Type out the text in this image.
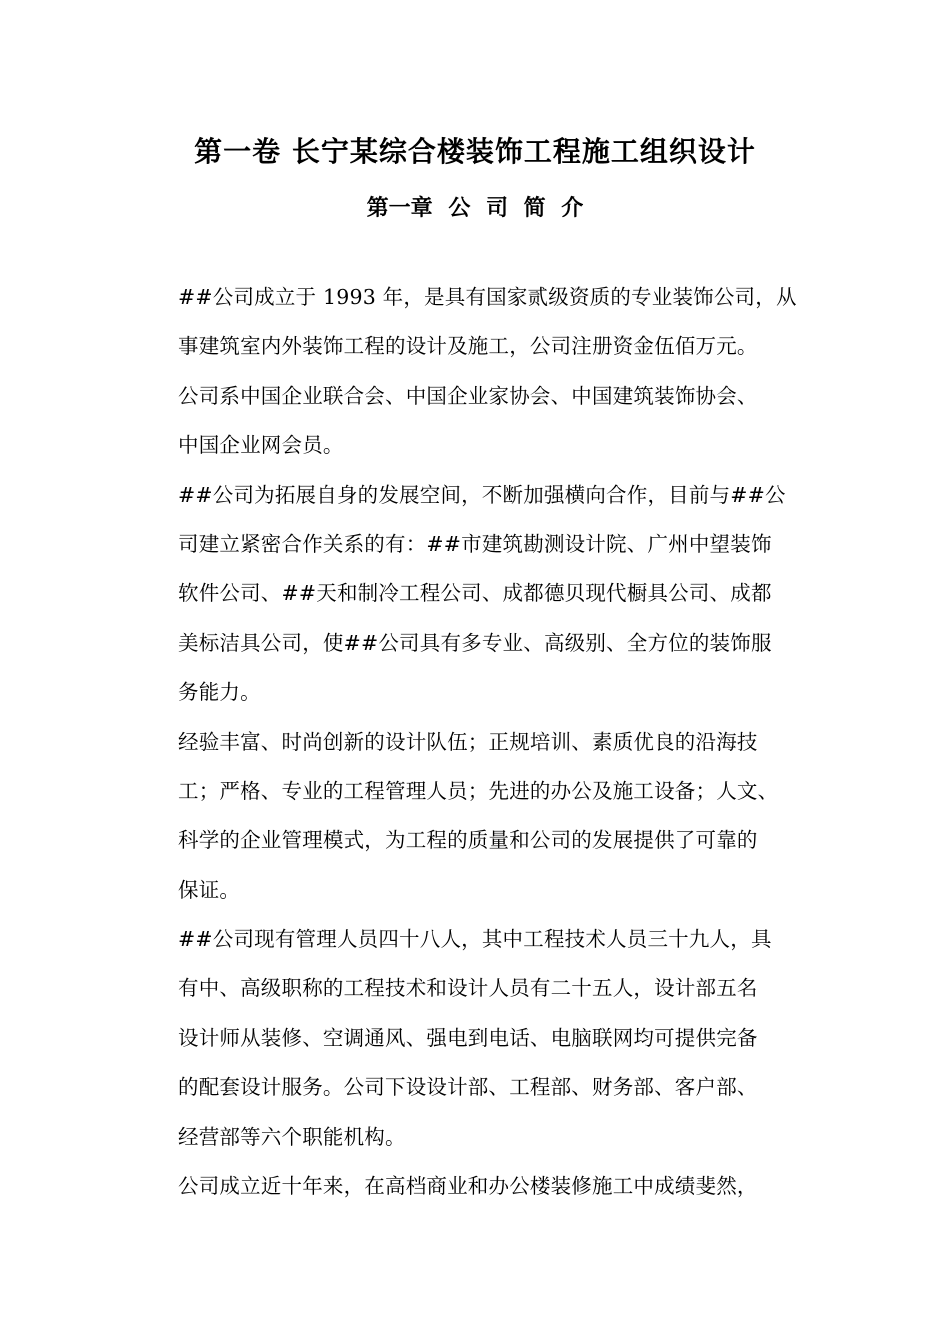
第一卷 长宁某综合楼装饰工程施工组织设计
第一章 公 司 简 介
##公司成立于 1993 年，是具有国家贰级资质的专业装饰公司，从
事建筑室内外装饰工程的设计及施工，公司注册资金伍佰万元。
公司系中国企业联合会、中国企业家协会、中国建筑装饰协会、
中国企业网会员。
##公司为拓展自身的发展空间，不断加强横向合作，目前与##公
司建立紧密合作关系的有：##市建筑勘测设计院、广州中望装饰
软件公司、##天和制冷工程公司、成都德贝现代橱具公司、成都
美标洁具公司，使##公司具有多专业、高级别、全方位的装饰服
务能力。
经验丰富、时尚创新的设计队伍；正规培训、素质优良的沿海技
工；严格、专业的工程管理人员；先进的办公及施工设备；人文、
科学的企业管理模式，为工程的质量和公司的发展提供了可靠的
保证。
##公司现有管理人员四十八人，其中工程技术人员三十九人，具
有中、高级职称的工程技术和设计人员有二十五人，设计部五名
设计师从装修、空调通风、强电到电话、电脑联网均可提供完备
的配套设计服务。公司下设设计部、工程部、财务部、客户部、
经营部等六个职能机构。
公司成立近十年来，在高档商业和办公楼装修施工中成绩斐然，
